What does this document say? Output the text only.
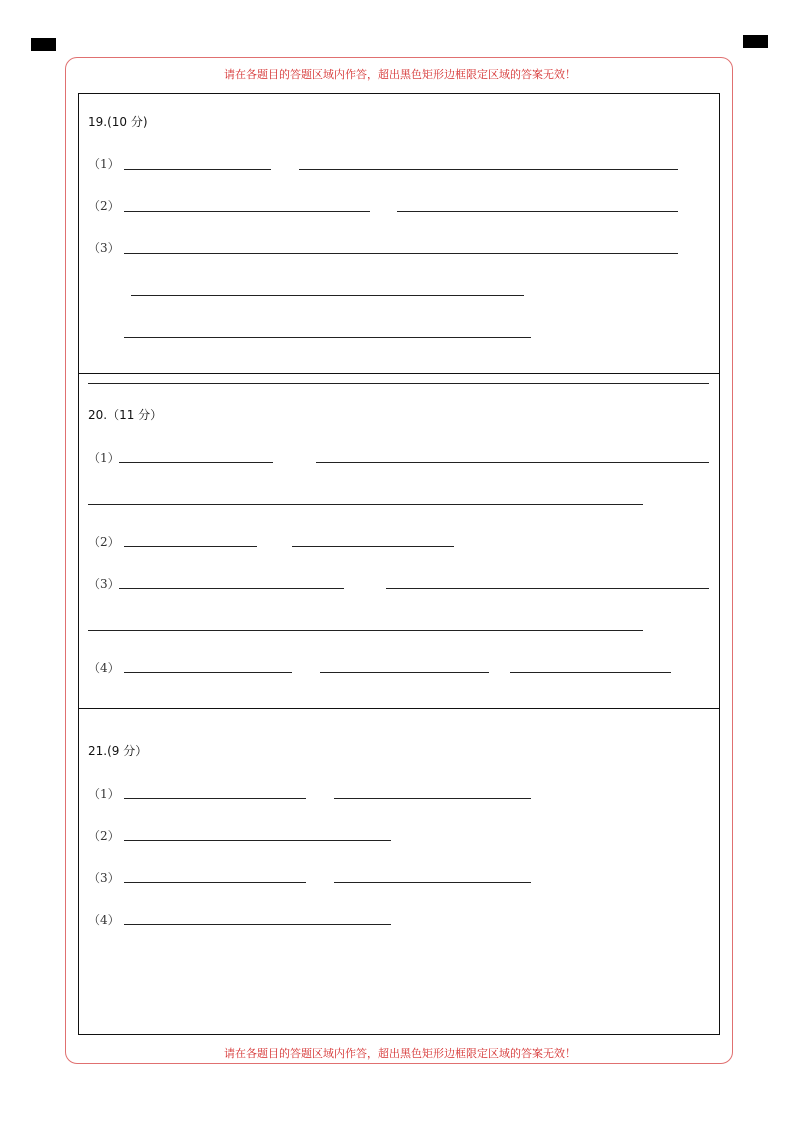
请在各题目的答题区域内作答，超出黑色矩形边框限定区域的答案无效！
请在各题目的答题区域内作答，超出黑色矩形边框限定区域的答案无效！
19.(10 分)
（1）
（2）
（3）
20.（11 分）
（1）
（2）
（3）
（4）
21.(9 分）
（1）
（2）
（3）
（4）
